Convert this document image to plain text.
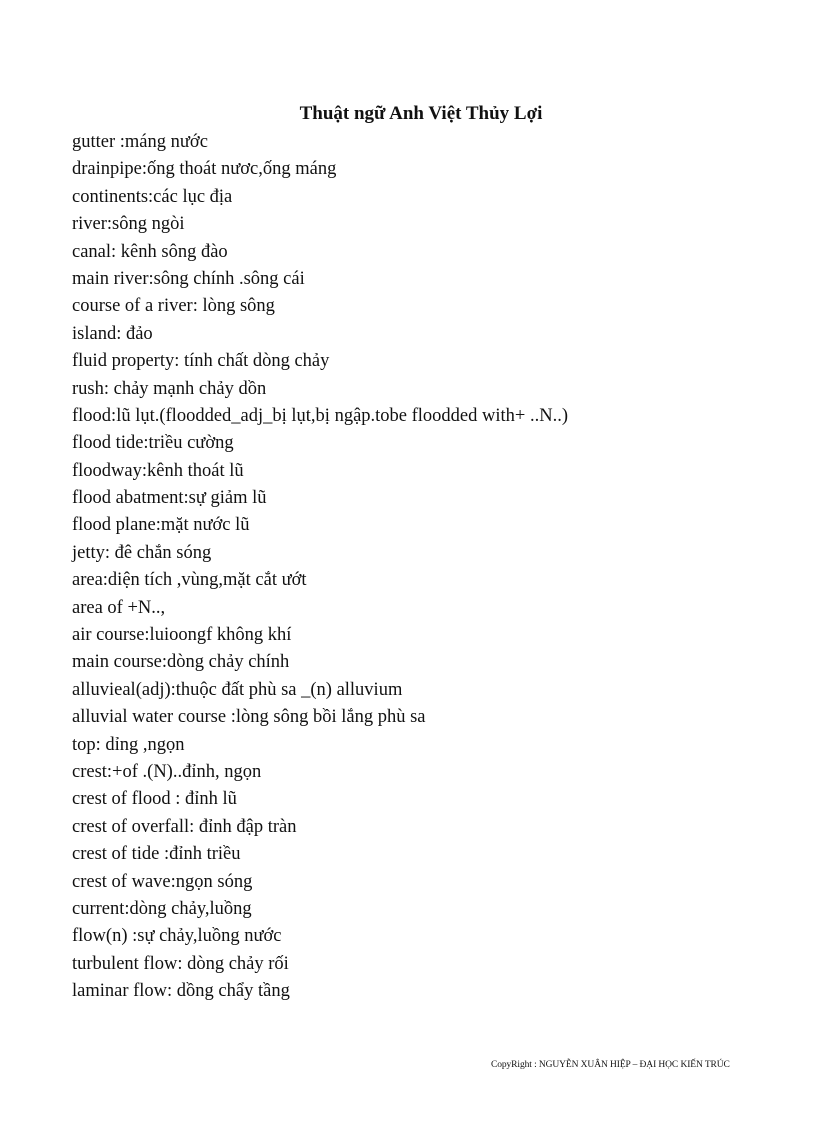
Thuật ngữ Anh Việt Thủy Lợi
gutter :máng nước
drainpipe:ống thoát nươc,ống máng
continents:các lục địa
river:sông ngòi
canal: kênh sông đào
main river:sông chính .sông cái
course of a river: lòng sông
island: đảo
fluid property: tính chất dòng chảy
rush: chảy mạnh chảy dồn
flood:lũ lụt.(floodded_adj_bị lụt,bị ngập.tobe floodded with+ ..N..)
flood tide:triều cường
floodway:kênh thoát lũ
flood abatment:sự giảm lũ
flood plane:mặt nước lũ
jetty: đê chắn sóng
area:diện tích ,vùng,mặt cắt ướt
area of +N..,
air course:luioongf không khí
main course:dòng chảy chính
alluvieal(adj):thuộc đất phù sa _(n) alluvium
alluvial water course :lòng sông bồi lắng phù sa
top: dỉng ,ngọn
crest:+of .(N)..đỉnh, ngọn
crest of flood : đỉnh lũ
crest of overfall: đỉnh đập tràn
crest of tide :đỉnh triều
crest of wave:ngọn sóng
current:dòng chảy,luồng
flow(n) :sự chảy,luồng nước
turbulent flow: dòng chảy rối
laminar flow: dồng chẩy tầng
CopyRight : NGUYỄN XUÂN HIỆP – ĐẠI HỌC KIẾN TRÚC
